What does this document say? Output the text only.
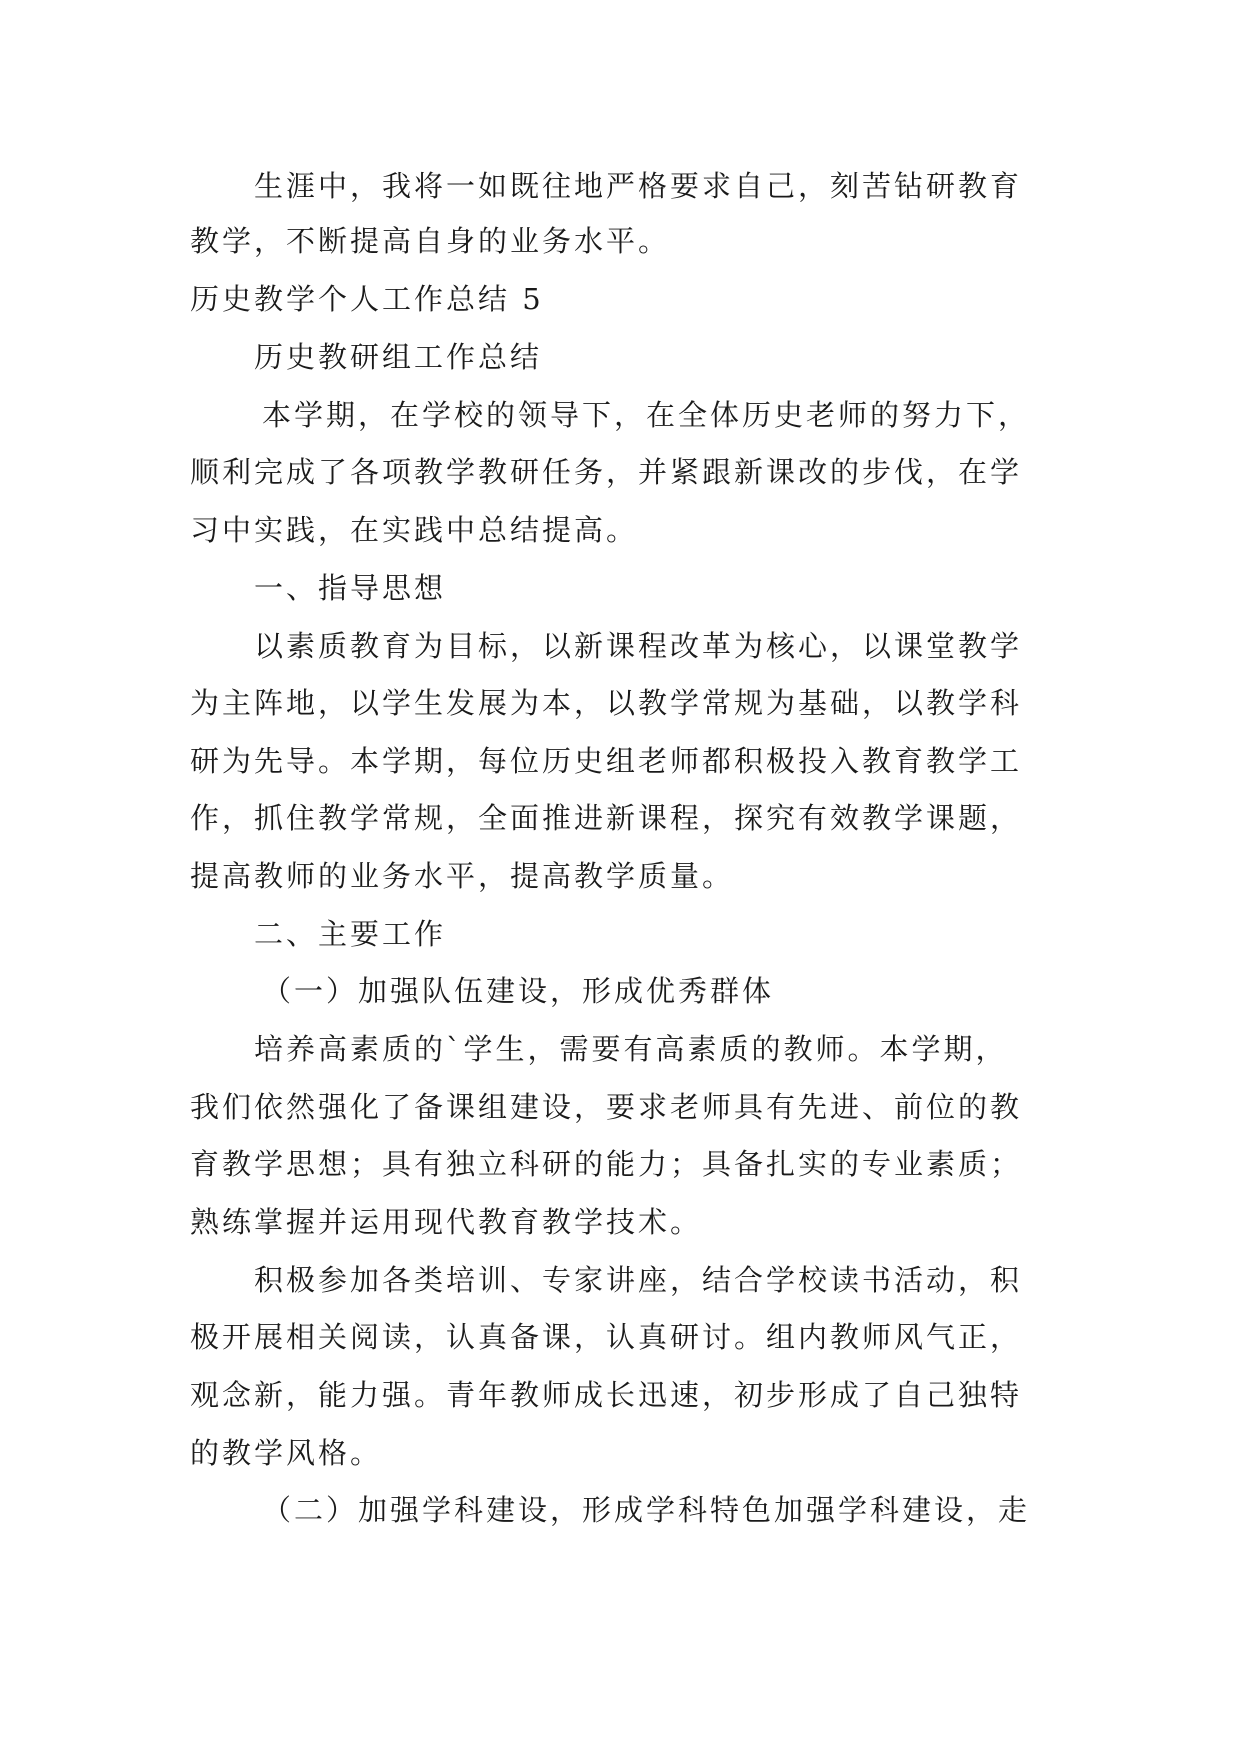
生涯中，我将一如既往地严格要求自己，刻苦钻研教育
教学，不断提高自身的业务水平。
历史教学个人工作总结 5
历史教研组工作总结
本学期，在学校的领导下，在全体历史老师的努力下，
顺利完成了各项教学教研任务，并紧跟新课改的步伐，在学
习中实践，在实践中总结提高。
一、指导思想
以素质教育为目标，以新课程改革为核心，以课堂教学
为主阵地，以学生发展为本，以教学常规为基础，以教学科
研为先导。本学期，每位历史组老师都积极投入教育教学工
作，抓住教学常规，全面推进新课程，探究有效教学课题，
提高教师的业务水平，提高教学质量。
二、主要工作
（一）加强队伍建设，形成优秀群体
培养高素质的`学生，需要有高素质的教师。本学期，
我们依然强化了备课组建设，要求老师具有先进、前位的教
育教学思想；具有独立科研的能力；具备扎实的专业素质；
熟练掌握并运用现代教育教学技术。
积极参加各类培训、专家讲座，结合学校读书活动，积
极开展相关阅读，认真备课，认真研讨。组内教师风气正，
观念新，能力强。青年教师成长迅速，初步形成了自己独特
的教学风格。
（二）加强学科建设，形成学科特色加强学科建设，走
